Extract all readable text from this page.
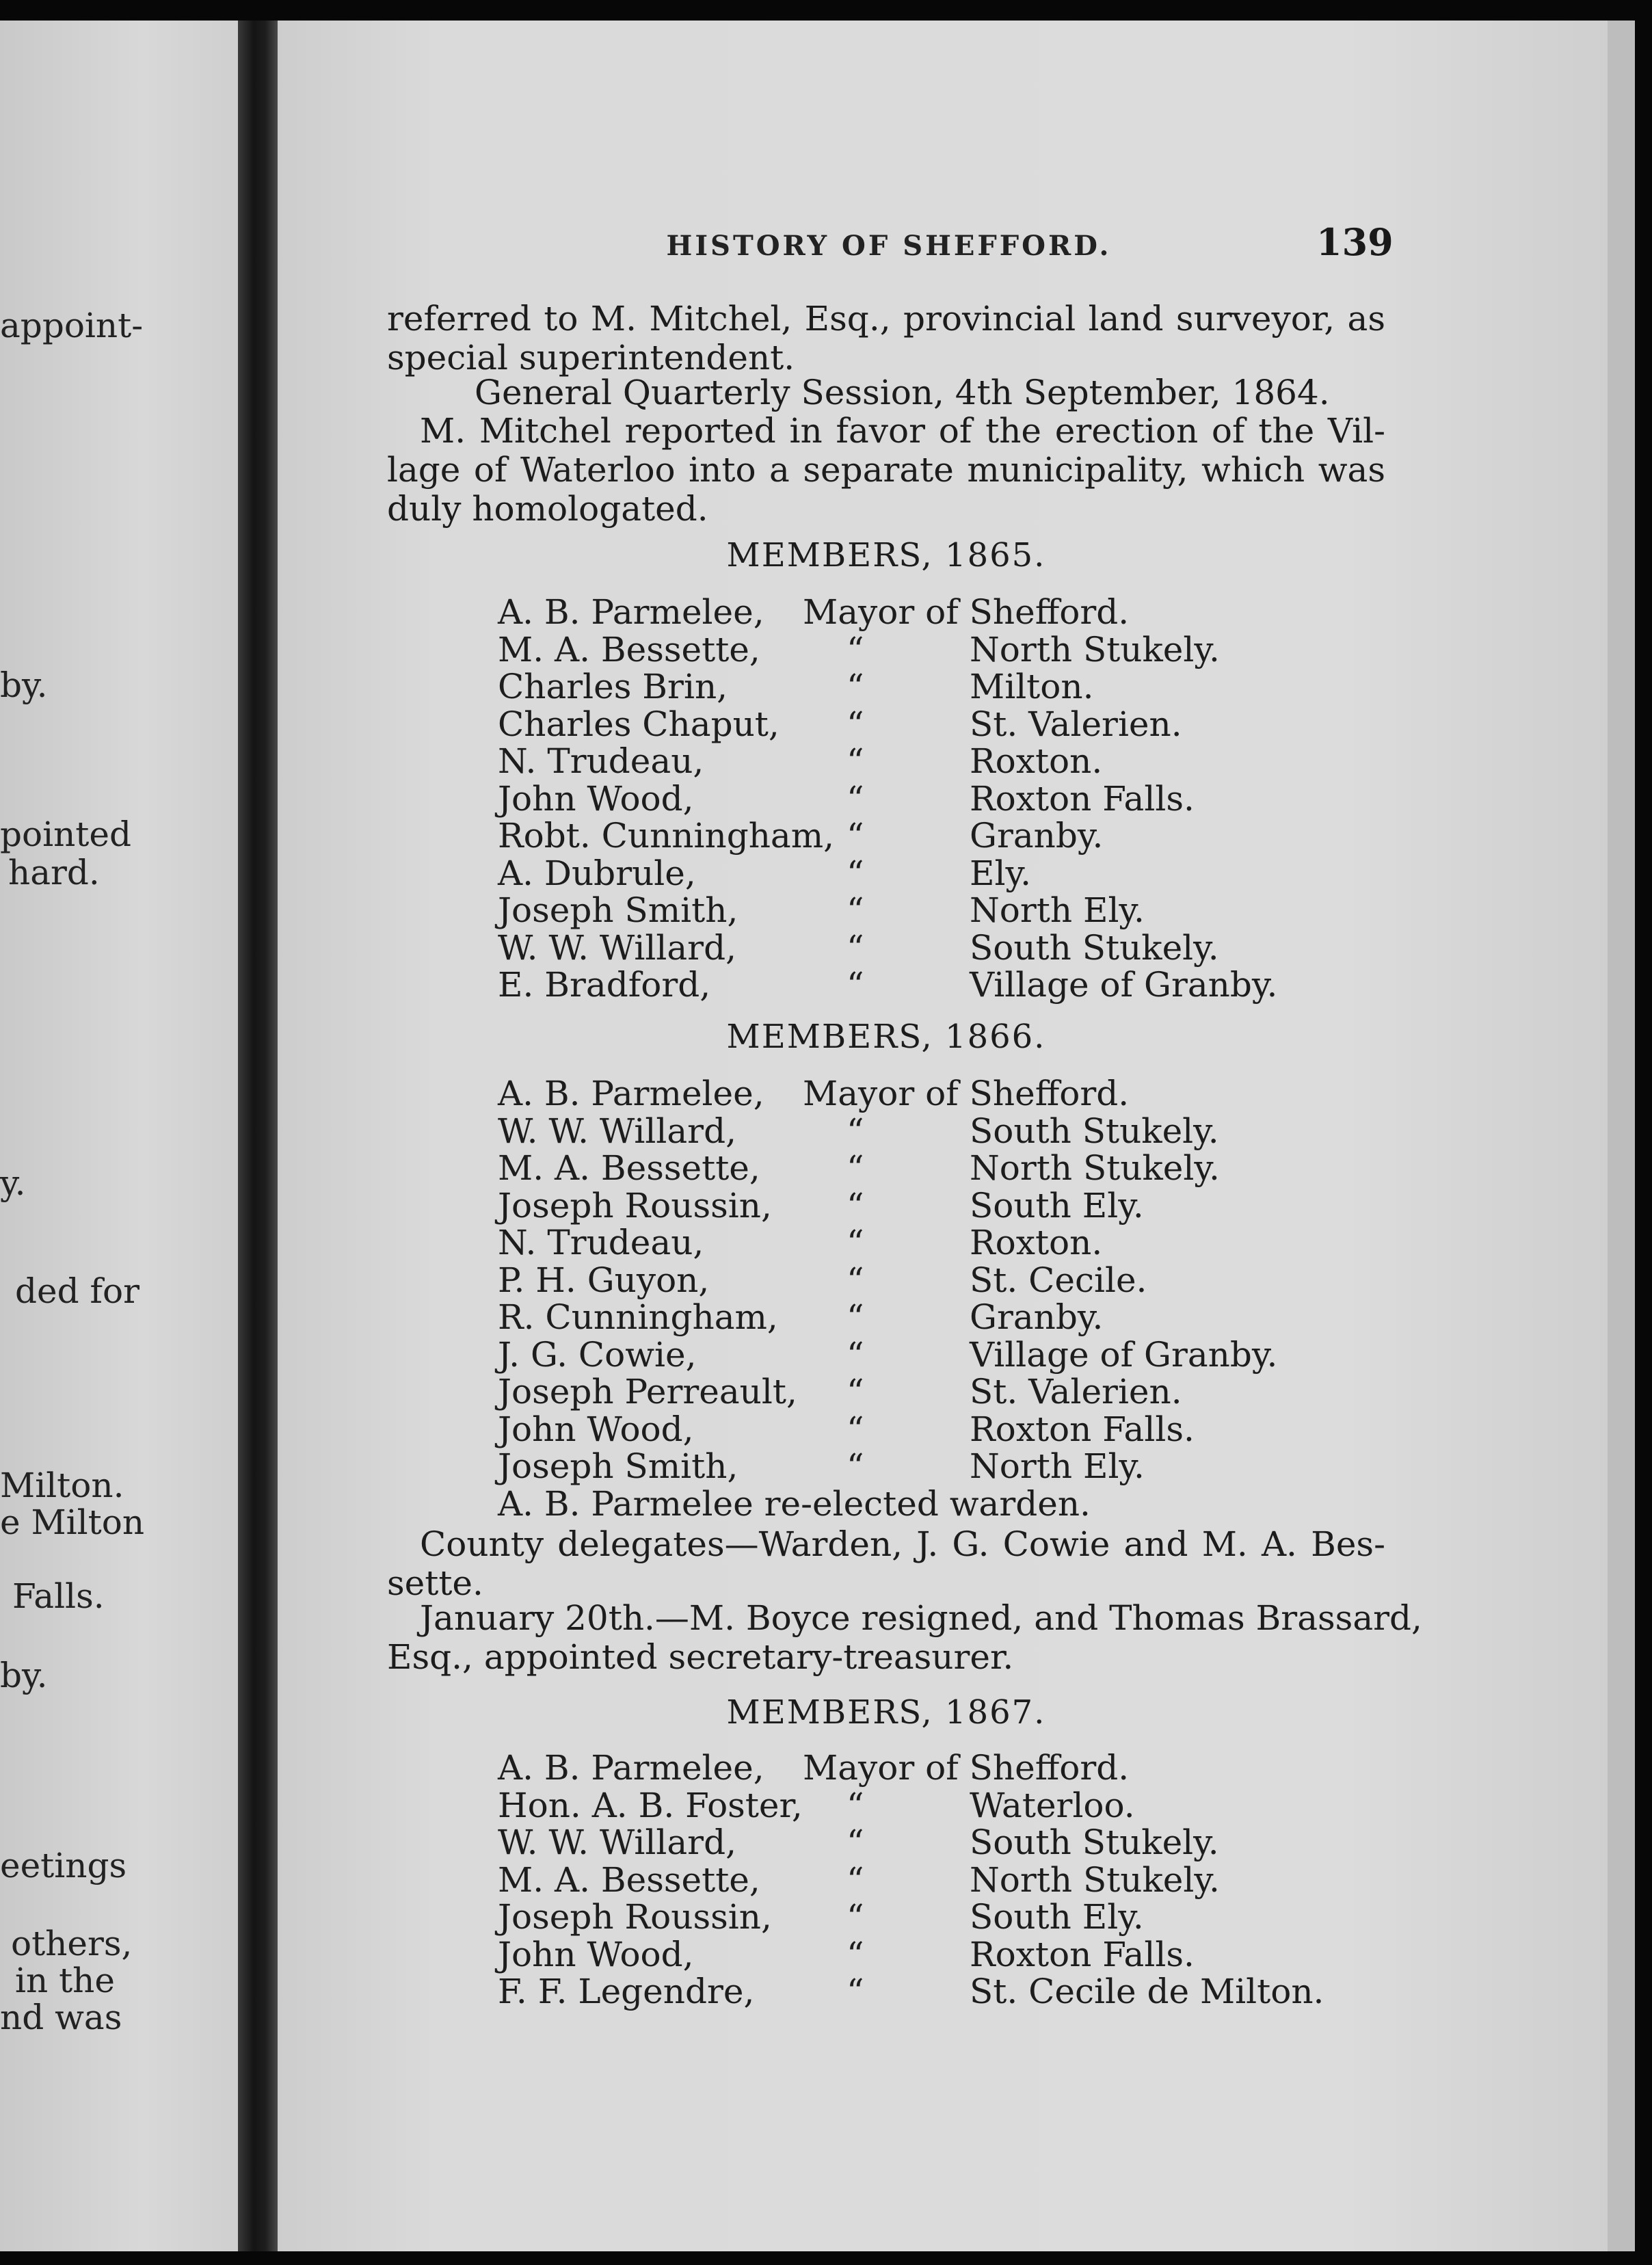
appoint-
by.
pointed
hard.
y.
ded for
Milton.
e Milton
Falls.
by.
eetings
others,
in the
nd was
HISTORY OF SHEFFORD.	139

referred to M. Mitchel, Esq., provincial land surveyor, as
special superintendent.

General Quarterly Session, 4th September, 1864.

M. Mitchel reported in favor of the erection of the Vil-
lage of Waterloo into a separate municipality, which was
duly homologated.

MEMBERS, 1865.
A. B. Parmelee, Mayor of Shefford.
M. A. Bessette,	“	North Stukely.
Charles Brin,	“	Milton.
Charles Chaput, “	St. Valerien.
N. Trudeau,	“	Roxton.
John Wood,	“	Roxton Falls.
Robt. Cunningham, “	Granby.
A. Dubrule,	“	Ely.
Joseph Smith,	“	North Ely.
W. W. Willard,	“	South Stukely.
E. Bradford,	“	Village of Granby.
MEMBERS, 1866.
A. B. Parmelee, Mayor of Shefford.
W. W. Willard,	“	South Stukely.
M. A. Bessette,	“	North Stukely.
Joseph Roussin, “	South Ely.
N. Trudeau,	“	Roxton.
P. H. Guyon,	“	St. Cecile.
R. Cunningham, “	Granby.
J. G. Cowie,	“	Village of Granby.
Joseph Perreault, “	St. Valerien.
John Wood,	“	Roxton Falls.
Joseph Smith,	“	North Ely.
A. B. Parmelee re-elected warden.

County delegates—Warden, J. G. Cowie and M. A. Bes-
sette.

January 20th.—M. Boyce resigned, and Thomas Brassard,
Esq., appointed secretary-treasurer.

MEMBERS, 1867.
A. B. Parmelee, Mayor of Shefford.
Hon. A. B. Foster, “	Waterloo.
W. W. Willard,	“	South Stukely.
M. A. Bessette,	“	North Stukely.
Joseph Roussin, “	South Ely.
John Wood,	“	Roxton Falls.
F. F. Legendre,	“	St. Cecile de Milton.
